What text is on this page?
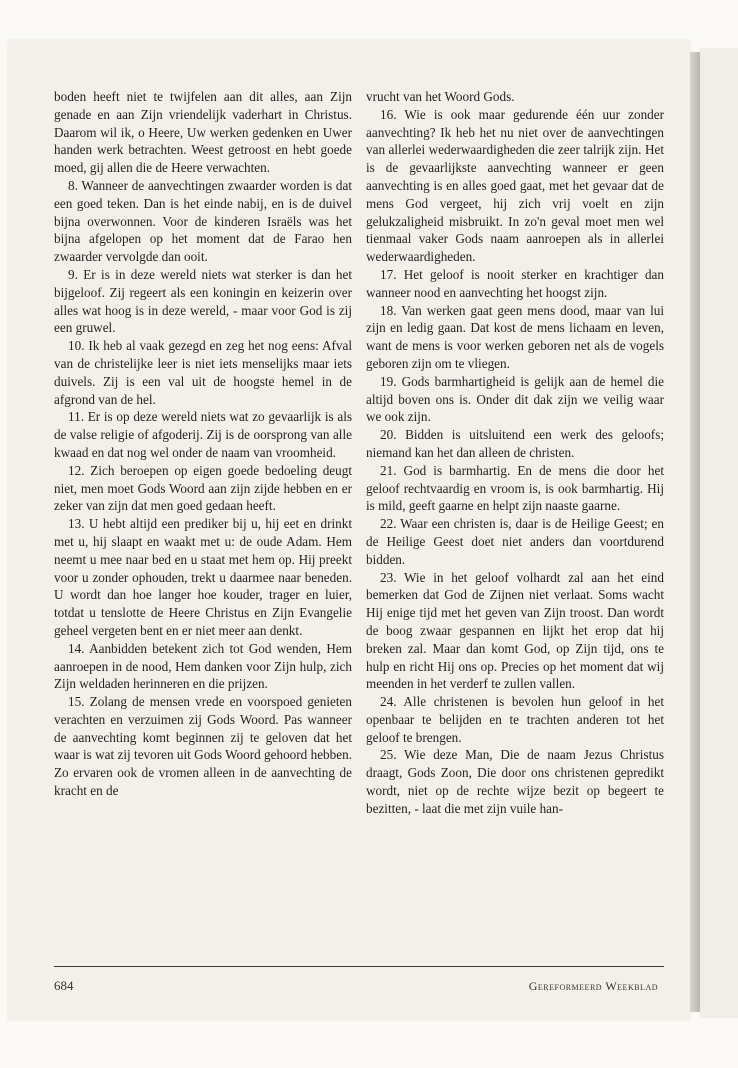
boden heeft niet te twijfelen aan dit alles, aan Zijn genade en aan Zijn vriendelijk vaderhart in Christus. Daarom wil ik, o Heere, Uw werken gedenken en Uwer handen werk betrachten. Weest getroost en hebt goede moed, gij allen die de Heere verwachten.

8. Wanneer de aanvechtingen zwaarder worden is dat een goed teken. Dan is het einde nabij, en is de duivel bijna overwonnen. Voor de kinderen Israëls was het bijna afgelopen op het moment dat de Farao hen zwaarder vervolgde dan ooit.

9. Er is in deze wereld niets wat sterker is dan het bijgeloof. Zij regeert als een koningin en keizerin over alles wat hoog is in deze wereld, - maar voor God is zij een gruwel.

10. Ik heb al vaak gezegd en zeg het nog eens: Afval van de christelijke leer is niet iets menselijks maar iets duivels. Zij is een val uit de hoogste hemel in de afgrond van de hel.

11. Er is op deze wereld niets wat zo gevaarlijk is als de valse religie of afgoderij. Zij is de oorsprong van alle kwaad en dat nog wel onder de naam van vroomheid.

12. Zich beroepen op eigen goede bedoeling deugt niet, men moet Gods Woord aan zijn zijde hebben en er zeker van zijn dat men goed gedaan heeft.

13. U hebt altijd een prediker bij u, hij eet en drinkt met u, hij slaapt en waakt met u: de oude Adam. Hem neemt u mee naar bed en u staat met hem op. Hij preekt voor u zonder ophouden, trekt u daarmee naar beneden. U wordt dan hoe langer hoe kouder, trager en luier, totdat u tenslotte de Heere Christus en Zijn Evangelie geheel vergeten bent en er niet meer aan denkt.

14. Aanbidden betekent zich tot God wenden, Hem aanroepen in de nood, Hem danken voor Zijn hulp, zich Zijn weldaden herinneren en die prijzen.

15. Zolang de mensen vrede en voorspoed genieten verachten en verzuimen zij Gods Woord. Pas wanneer de aanvechting komt beginnen zij te geloven dat het waar is wat zij tevoren uit Gods Woord gehoord hebben. Zo ervaren ook de vromen alleen in de aanvechting de kracht en de

vrucht van het Woord Gods.

16. Wie is ook maar gedurende één uur zonder aanvechting? Ik heb het nu niet over de aanvechtingen van allerlei wederwaardigheden die zeer talrijk zijn. Het is de gevaarlijkste aanvechting wanneer er geen aanvechting is en alles goed gaat, met het gevaar dat de mens God vergeet, hij zich vrij voelt en zijn gelukzaligheid misbruikt. In zo'n geval moet men wel tienmaal vaker Gods naam aanroepen als in allerlei wederwaardigheden.

17. Het geloof is nooit sterker en krachtiger dan wanneer nood en aanvechting het hoogst zijn.

18. Van werken gaat geen mens dood, maar van lui zijn en ledig gaan. Dat kost de mens lichaam en leven, want de mens is voor werken geboren net als de vogels geboren zijn om te vliegen.

19. Gods barmhartigheid is gelijk aan de hemel die altijd boven ons is. Onder dit dak zijn we veilig waar we ook zijn.

20. Bidden is uitsluitend een werk des geloofs; niemand kan het dan alleen de christen.

21. God is barmhartig. En de mens die door het geloof rechtvaardig en vroom is, is ook barmhartig. Hij is mild, geeft gaarne en helpt zijn naaste gaarne.

22. Waar een christen is, daar is de Heilige Geest; en de Heilige Geest doet niet anders dan voortdurend bidden.

23. Wie in het geloof volhardt zal aan het eind bemerken dat God de Zijnen niet verlaat. Soms wacht Hij enige tijd met het geven van Zijn troost. Dan wordt de boog zwaar gespannen en lijkt het erop dat hij breken zal. Maar dan komt God, op Zijn tijd, ons te hulp en richt Hij ons op. Precies op het moment dat wij meenden in het verderf te zullen vallen.

24. Alle christenen is bevolen hun geloof in het openbaar te belijden en te trachten anderen tot het geloof te brengen.

25. Wie deze Man, Die de naam Jezus Christus draagt, Gods Zoon, Die door ons christenen gepredikt wordt, niet op de rechte wijze bezit op begeert te bezitten, - laat die met zijn vuile han-

684	Gereformeerd Weekblad
